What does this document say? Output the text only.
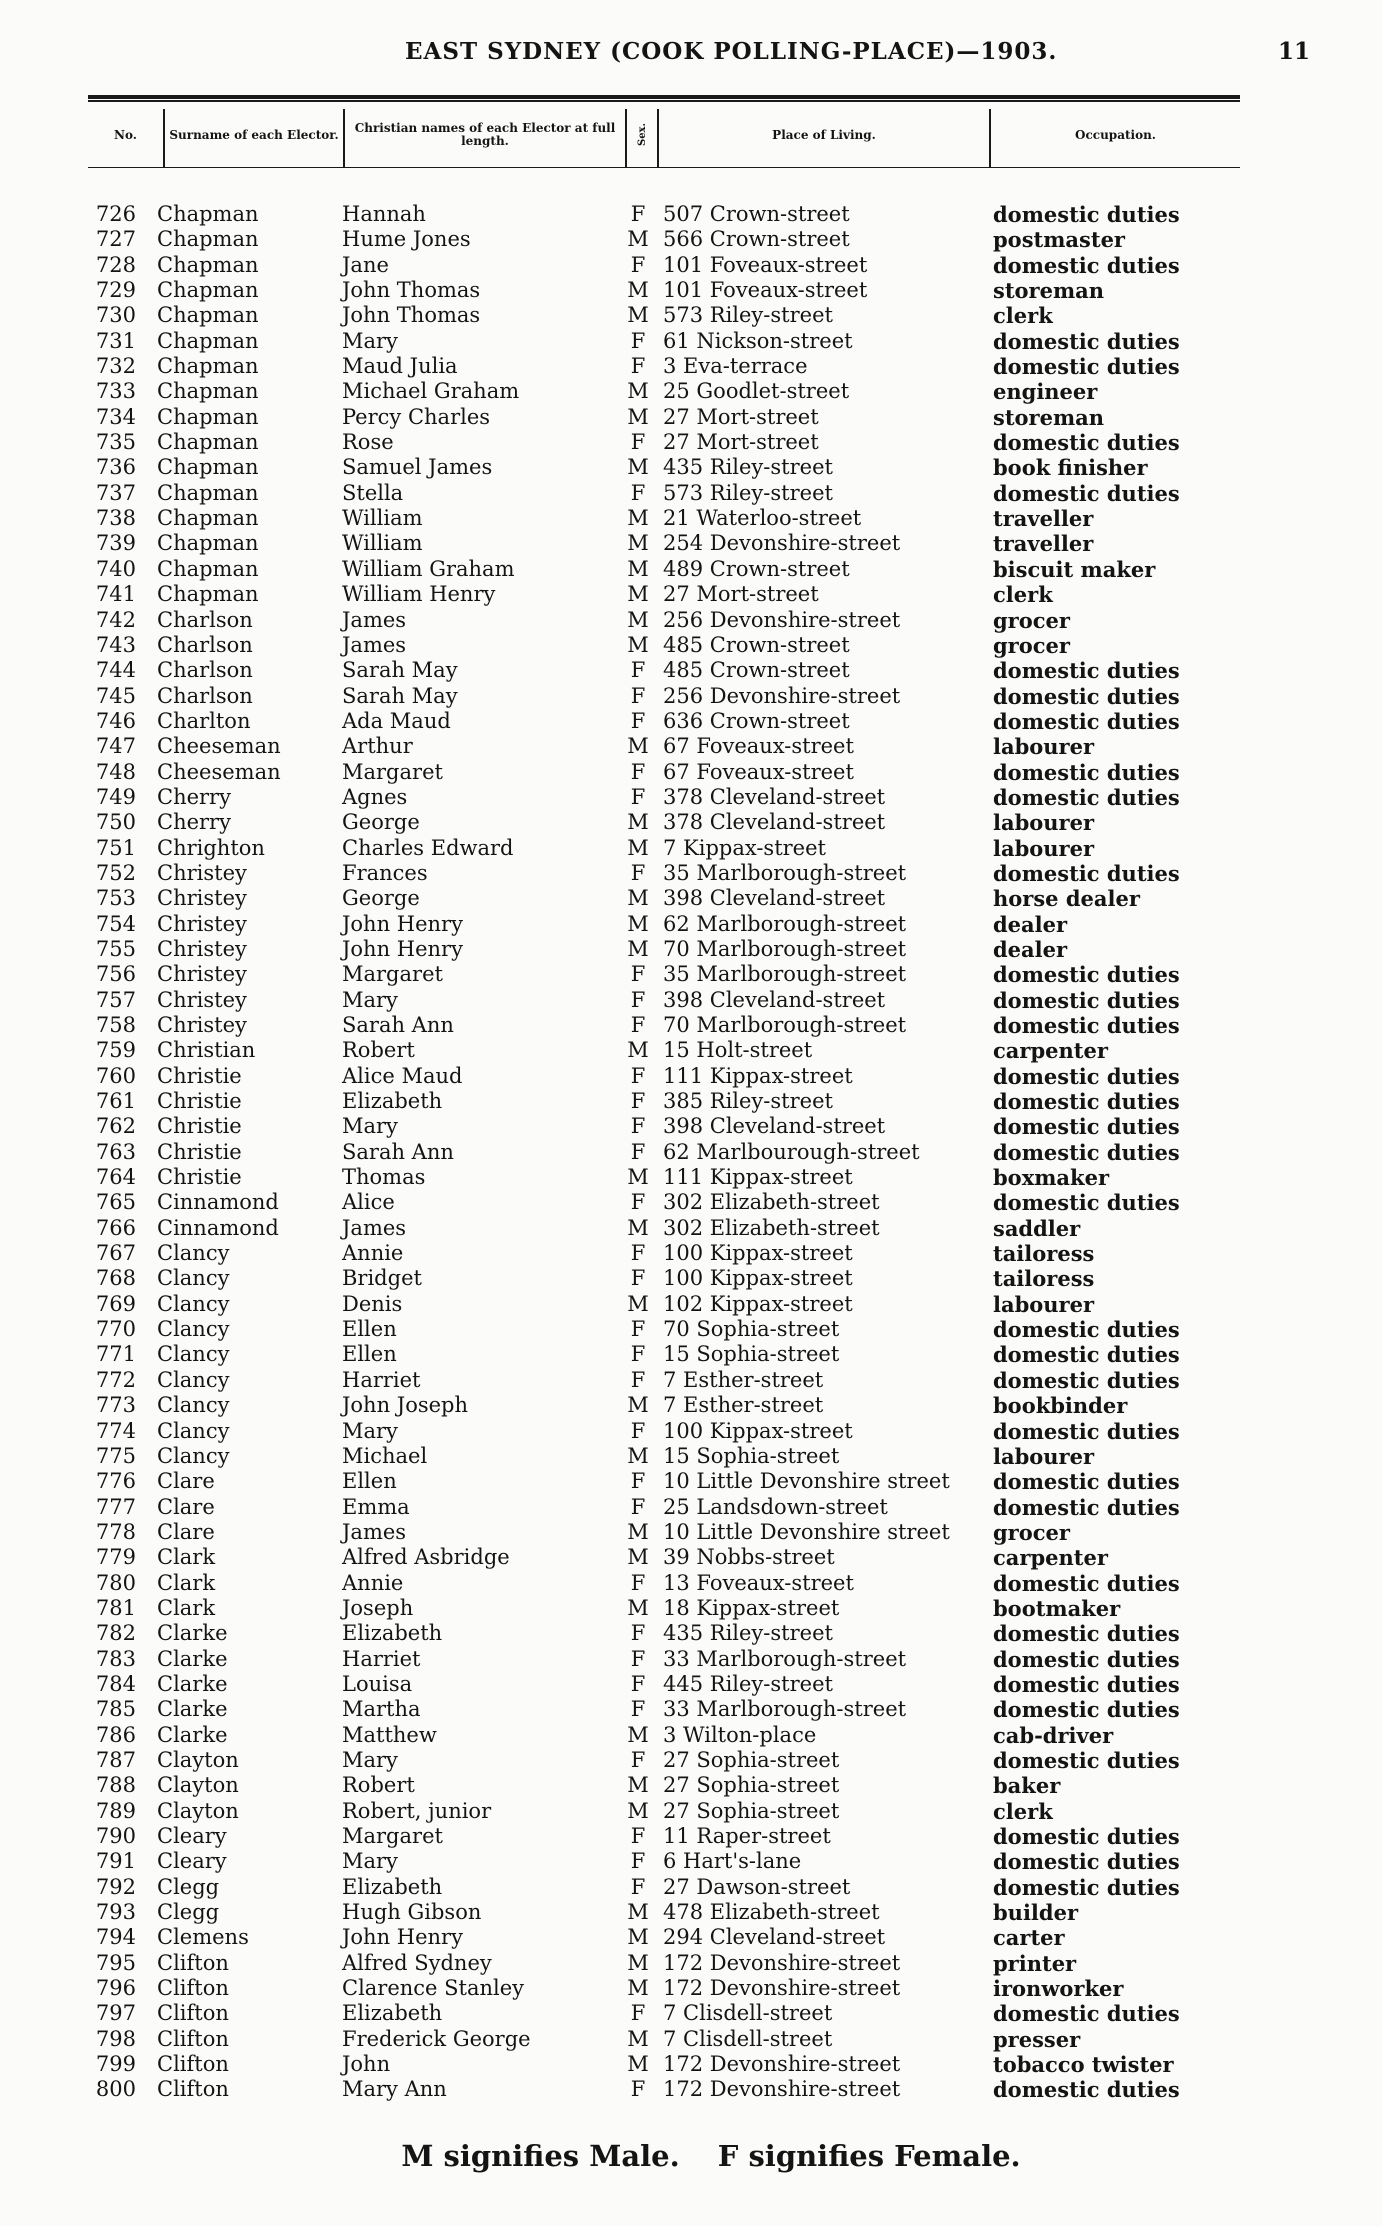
EAST SYDNEY (COOK POLLING-PLACE)—1903.	11
No.	Surname of each Elector.	Christian names of each Elector at full length.	Sex.	Place of Living.	Occupation.
726 Chapman	Hannah	F 507 Crown-street	domestic duties
727 Chapman	Hume Jones	M 566 Crown-street	postmaster
728 Chapman	Jane	F 101 Foveaux-street	domestic duties
729 Chapman	John Thomas	M 101 Foveaux-street	storeman
730 Chapman	John Thomas	M 573 Riley-street	clerk
731 Chapman	Mary	F 61 Nickson-street	domestic duties
732 Chapman	Maud Julia	F 3 Eva-terrace	domestic duties
733 Chapman	Michael Graham	M 25 Goodlet-street	engineer
734 Chapman	Percy Charles	M 27 Mort-street	storeman
735 Chapman	Rose	F 27 Mort-street	domestic duties
736 Chapman	Samuel James	M 435 Riley-street	book finisher
737 Chapman	Stella	F 573 Riley-street	domestic duties
738 Chapman	William	M 21 Waterloo-street	traveller
739 Chapman	William	M 254 Devonshire-street	traveller
740 Chapman	William Graham	M 489 Crown-street	biscuit maker
741 Chapman	William Henry	M 27 Mort-street	clerk
742 Charlson	James	M 256 Devonshire-street	grocer
743 Charlson	James	M 485 Crown-street	grocer
744 Charlson	Sarah May	F 485 Crown-street	domestic duties
745 Charlson	Sarah May	F 256 Devonshire-street	domestic duties
746 Charlton	Ada Maud	F 636 Crown-street	domestic duties
747 Cheeseman	Arthur	M 67 Foveaux-street	labourer
748 Cheeseman	Margaret	F 67 Foveaux-street	domestic duties
749 Cherry	Agnes	F 378 Cleveland-street	domestic duties
750 Cherry	George	M 378 Cleveland-street	labourer
751 Chrighton	Charles Edward	M 7 Kippax-street	labourer
752 Christey	Frances	F 35 Marlborough-street	domestic duties
753 Christey	George	M 398 Cleveland-street	horse dealer
754 Christey	John Henry	M 62 Marlborough-street	dealer
755 Christey	John Henry	M 70 Marlborough-street	dealer
756 Christey	Margaret	F 35 Marlborough-street	domestic duties
757 Christey	Mary	F 398 Cleveland-street	domestic duties
758 Christey	Sarah Ann	F 70 Marlborough-street	domestic duties
759 Christian	Robert	M 15 Holt-street	carpenter
760 Christie	Alice Maud	F 111 Kippax-street	domestic duties
761 Christie	Elizabeth	F 385 Riley-street	domestic duties
762 Christie	Mary	F 398 Cleveland-street	domestic duties
763 Christie	Sarah Ann	F 62 Marlbourough-street	domestic duties
764 Christie	Thomas	M 111 Kippax-street	boxmaker
765 Cinnamond	Alice	F 302 Elizabeth-street	domestic duties
766 Cinnamond	James	M 302 Elizabeth-street	saddler
767 Clancy	Annie	F 100 Kippax-street	tailoress
768 Clancy	Bridget	F 100 Kippax-street	tailoress
769 Clancy	Denis	M 102 Kippax-street	labourer
770 Clancy	Ellen	F 70 Sophia-street	domestic duties
771 Clancy	Ellen	F 15 Sophia-street	domestic duties
772 Clancy	Harriet	F 7 Esther-street	domestic duties
773 Clancy	John Joseph	M 7 Esther-street	bookbinder
774 Clancy	Mary	F 100 Kippax-street	domestic duties
775 Clancy	Michael	M 15 Sophia-street	labourer
776 Clare	Ellen	F 10 Little Devonshire street domestic duties
777 Clare	Emma	F 25 Landsdown-street	domestic duties
778 Clare	James	M 10 Little Devonshire street grocer
779 Clark	Alfred Asbridge	M 39 Nobbs-street	carpenter
780 Clark	Annie	F 13 Foveaux-street	domestic duties
781 Clark	Joseph	M 18 Kippax-street	bootmaker
782 Clarke	Elizabeth	F 435 Riley-street	domestic duties
783 Clarke	Harriet	F 33 Marlborough-street	domestic duties
784 Clarke	Louisa	F 445 Riley-street	domestic duties
785 Clarke	Martha	F 33 Marlborough-street	domestic duties
786 Clarke	Matthew	M 3 Wilton-place	cab-driver
787 Clayton	Mary	F 27 Sophia-street	domestic duties
788 Clayton	Robert	M 27 Sophia-street	baker
789 Clayton	Robert, junior	M 27 Sophia-street	clerk
790 Cleary	Margaret	F 11 Raper-street	domestic duties
791 Cleary	Mary	F 6 Hart's-lane	domestic duties
792 Clegg	Elizabeth	F 27 Dawson-street	domestic duties
793 Clegg	Hugh Gibson	M 478 Elizabeth-street	builder
794 Clemens	John Henry	M 294 Cleveland-street	carter
795 Clifton	Alfred Sydney	M 172 Devonshire-street	printer
796 Clifton	Clarence Stanley	M 172 Devonshire-street	ironworker
797 Clifton	Elizabeth	F 7 Clisdell-street	domestic duties
798 Clifton	Frederick George	M 7 Clisdell-street	presser
799 Clifton	John	M 172 Devonshire-street	tobacco twister
800 Clifton	Mary Ann	F 172 Devonshire-street	domestic duties
M signifies Male. F signifies Female.
